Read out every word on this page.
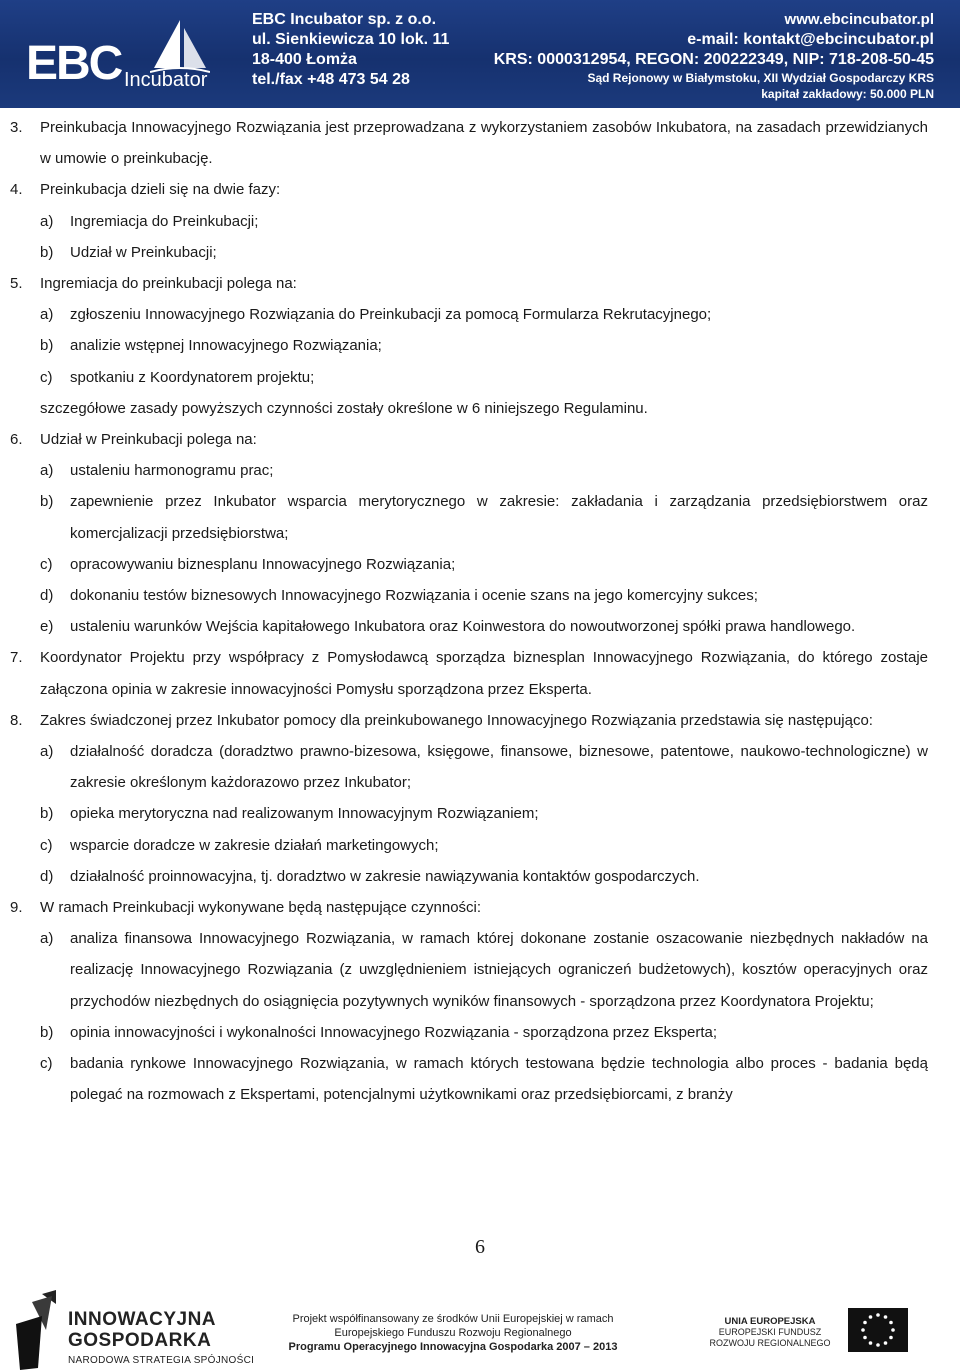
EBC Incubator
EBC Incubator sp. z o.o.
ul. Sienkiewicza 10 lok. 11
18-400 Łomża
tel./fax +48 473 54 28
www.ebcincubator.pl
e-mail: kontakt@ebcincubator.pl
KRS: 0000312954, REGON: 200222349, NIP: 718-208-50-45
Sąd Rejonowy w Białymstoku, XII Wydział Gospodarczy KRS
kapitał zakładowy: 50.000 PLN
3. Preinkubacja Innowacyjnego Rozwiązania jest przeprowadzana z wykorzystaniem zasobów Inkubatora, na zasadach przewidzianych w umowie o preinkubację.
4. Preinkubacja dzieli się na dwie fazy:
a) Ingremiacja do Preinkubacji;
b) Udział w Preinkubacji;
5. Ingremiacja do preinkubacji polega na:
a) zgłoszeniu Innowacyjnego Rozwiązania do Preinkubacji za pomocą Formularza Rekrutacyjnego;
b) analizie wstępnej Innowacyjnego Rozwiązania;
c) spotkaniu z Koordynatorem projektu;
szczegółowe zasady powyższych czynności zostały określone w 6 niniejszego Regulaminu.
6. Udział w Preinkubacji polega na:
a) ustaleniu harmonogramu prac;
b) zapewnienie przez Inkubator wsparcia merytorycznego w zakresie: zakładania i zarządzania przedsiębiorstwem oraz komercjalizacji przedsiębiorstwa;
c) opracowywaniu biznesplanu Innowacyjnego Rozwiązania;
d) dokonaniu testów biznesowych Innowacyjnego Rozwiązania i ocenie szans na jego komercyjny sukces;
e) ustaleniu warunków Wejścia kapitałowego Inkubatora oraz Koinwestora do nowoutworzonej spółki prawa handlowego.
7. Koordynator Projektu przy współpracy z Pomysłodawcą sporządza biznesplan Innowacyjnego Rozwiązania, do którego zostaje załączona opinia w zakresie innowacyjności Pomysłu sporządzona przez Eksperta.
8. Zakres świadczonej przez Inkubator pomocy dla preinkubowanego Innowacyjnego Rozwiązania przedstawia się następująco:
a) działalność doradcza (doradztwo prawno-bizesowa, księgowe, finansowe, biznesowe, patentowe, naukowo-technologiczne) w zakresie określonym każdorazowo przez Inkubator;
b) opieka merytoryczna nad realizowanym Innowacyjnym Rozwiązaniem;
c) wsparcie doradcze w zakresie działań marketingowych;
d) działalność proinnowacyjna, tj. doradztwo w zakresie nawiązywania kontaktów gospodarczych.
9. W ramach Preinkubacji wykonywane będą następujące czynności:
a) analiza finansowa Innowacyjnego Rozwiązania, w ramach której dokonane zostanie oszacowanie niezbędnych nakładów na realizację Innowacyjnego Rozwiązania (z uwzględnieniem istniejących ograniczeń budżetowych), kosztów operacyjnych oraz przychodów niezbędnych do osiągnięcia pozytywnych wyników finansowych - sporządzona przez Koordynatora Projektu;
b) opinia innowacyjności i wykonalności Innowacyjnego Rozwiązania - sporządzona przez Eksperta;
c) badania rynkowe Innowacyjnego Rozwiązania, w ramach których testowana będzie technologia albo proces - badania będą polegać na rozmowach z Ekspertami, potencjalnymi użytkownikami oraz przedsiębiorcami, z branży
6
INNOWACYJNA
GOSPODARKA
NARODOWA STRATEGIA SPÓJNOŚCI
Projekt współfinansowany ze środków Unii Europejskiej w ramach
Europejskiego Funduszu Rozwoju Regionalnego
Programu Operacyjnego Innowacyjna Gospodarka 2007 – 2013
UNIA EUROPEJSKA
EUROPEJSKI FUNDUSZ
ROZWOJU REGIONALNEGO
